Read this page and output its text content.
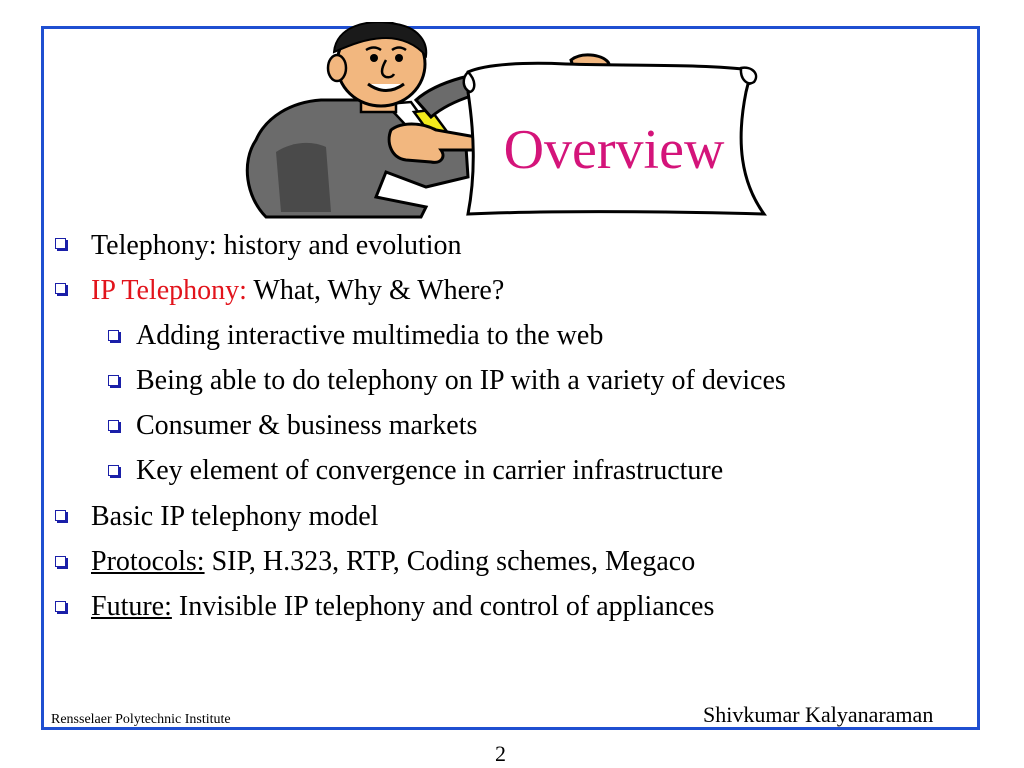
Overview
Telephony: history and evolution
IP Telephony: What, Why & Where?
Adding interactive multimedia to the web
Being able to do telephony on IP with a variety of devices
Consumer & business markets
Key element of convergence in carrier infrastructure
Basic IP telephony model
Protocols: SIP, H.323, RTP, Coding schemes, Megaco
Future: Invisible IP telephony and control of appliances
Rensselaer Polytechnic Institute	Shivkumar Kalyanaraman
2
